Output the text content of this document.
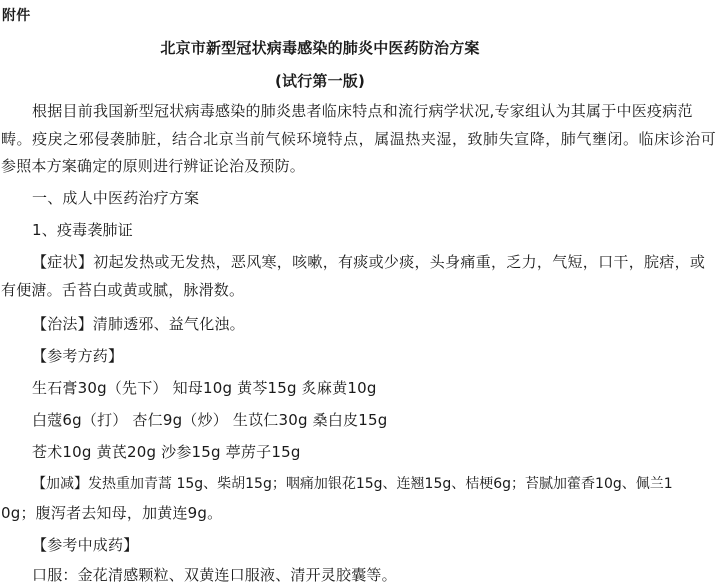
附件
北京市新型冠状病毒感染的肺炎中医药防治方案
(试行第一版)
根据目前我国新型冠状病毒感染的肺炎患者临床特点和流行病学状况,专家组认为其属于中医疫病范
畴。疫戾之邪侵袭肺脏，结合北京当前气候环境特点，属温热夹湿，致肺失宣降，肺气壅闭。临床诊治可
参照本方案确定的原则进行辨证论治及预防。
一、成人中医药治疗方案
1、疫毒袭肺证
【症状】初起发热或无发热，恶风寒，咳嗽，有痰或少痰，头身痛重，乏力，气短，口干，脘痞，或
有便溏。舌苔白或黄或腻，脉滑数。
【治法】清肺透邪、益气化浊。
【参考方药】
生石膏30g（先下） 知母10g 黄芩15g 炙麻黄10g
白蔻6g（打） 杏仁9g（炒） 生苡仁30g 桑白皮15g
苍术10g 黄芪20g 沙参15g 葶苈子15g
【加减】发热重加青蒿 15g、柴胡15g；咽痛加银花15g、连翘15g、桔梗6g；苔腻加藿香10g、佩兰1
0g；腹泻者去知母，加黄连9g。
【参考中成药】
口服：金花清感颗粒、双黄连口服液、清开灵胶囊等。
